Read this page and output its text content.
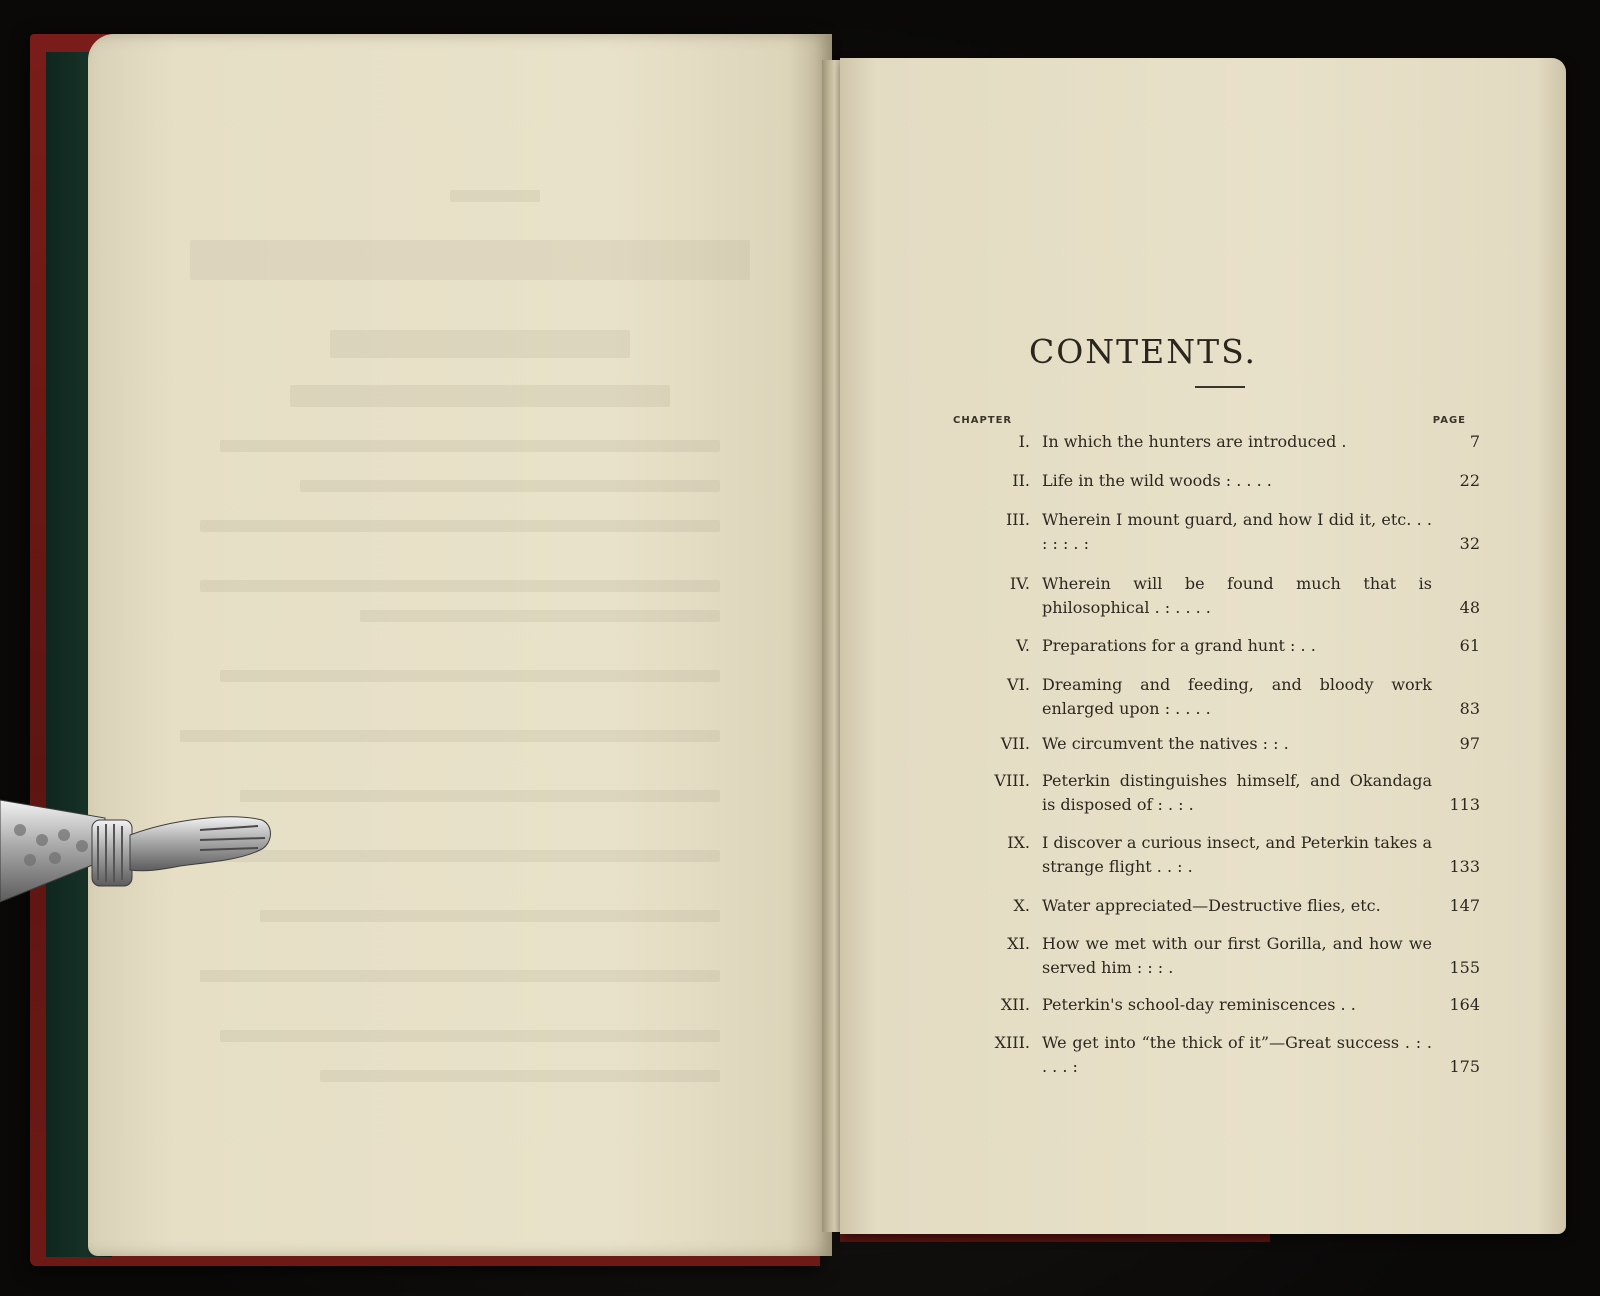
CONTENTS.
CHAPTER	PAGE
I. In which the hunters are introduced .	7
II. Life in the wild woods : . . . .	22
III. Wherein I mount guard, and how I did it, etc. . . : : : . :	32
IV. Wherein will be found much that is philosophical . : . . . .	48
V. Preparations for a grand hunt : . .	61
VI. Dreaming and feeding, and bloody work enlarged upon : . . . .	83
VII. We circumvent the natives : : .	97
VIII. Peterkin distinguishes himself, and Okandaga is disposed of : . : .	113
IX. I discover a curious insect, and Peterkin takes a strange flight . . : .	133
X. Water appreciated—Destructive flies, etc.	147
XI. How we met with our first Gorilla, and how we served him : : : .	155
XII. Peterkin's school-day reminiscences . .	164
XIII. We get into “the thick of it”—Great success . : . . . . :	175
